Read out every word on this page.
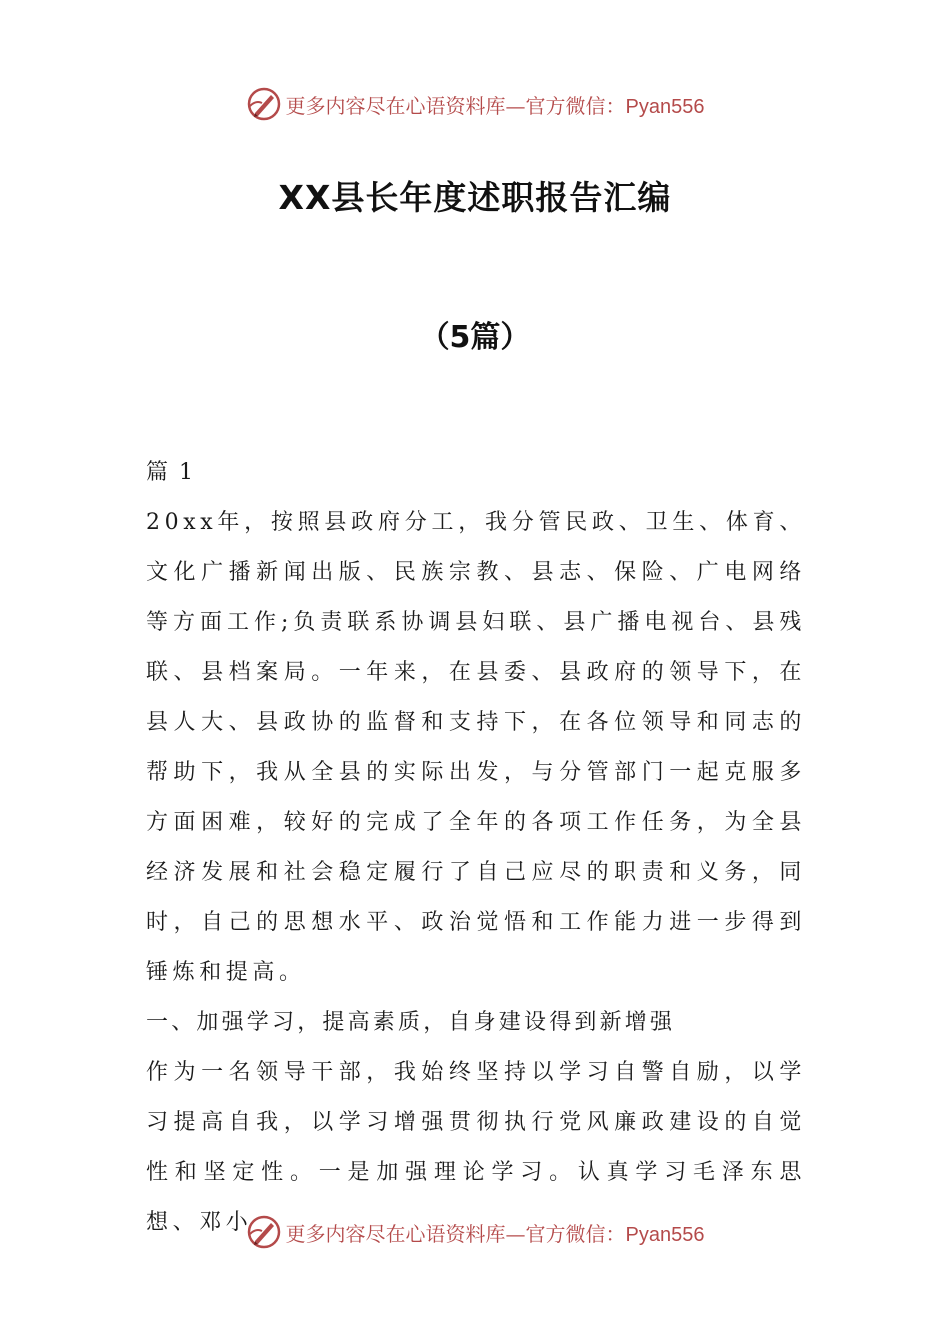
更多内容尽在心语资料库—官方微信：Pyan556
XX县长年度述职报告汇编
（5篇）

篇 1

20xx年，按照县政府分工，我分管民政、卫生、体育、文化广播新闻出版、民族宗教、县志、保险、广电网络等方面工作;负责联系协调县妇联、县广播电视台、县残联、县档案局。一年来，在县委、县政府的领导下，在县人大、县政协的监督和支持下，在各位领导和同志的帮助下，我从全县的实际出发，与分管部门一起克服多方面困难，较好的完成了全年的各项工作任务，为全县经济发展和社会稳定履行了自己应尽的职责和义务，同时，自己的思想水平、政治觉悟和工作能力进一步得到锤炼和提高。

一、加强学习，提高素质，自身建设得到新增强

作为一名领导干部，我始终坚持以学习自警自励，以学习提高自我，以学习增强贯彻执行党风廉政建设的自觉性和坚定性。一是加强理论学习。认真学习毛泽东思想、邓小	更多内容尽在心语资料库—官方微信：Pyan556
